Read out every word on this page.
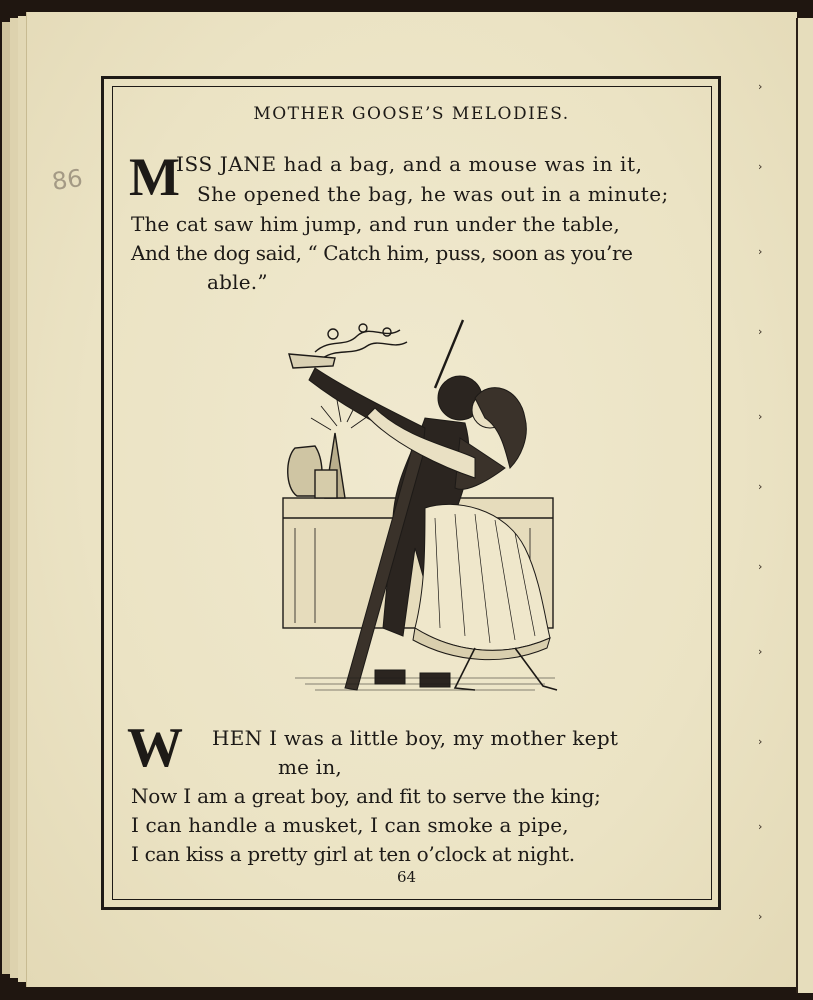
MOTHER GOOSE’S MELODIES.
86 M
ISS JANE had a bag, and a mouse was in it,
She opened the bag, he was out in a minute;
The cat saw him jump, and run under the table,
And the dog said, “ Catch him, puss, soon as you’re
able.”
W HEN I was a little boy, my mother kept
me in,
Now I am a great boy, and fit to serve the king;
I can handle a musket, I can smoke a pipe,
I can kiss a pretty girl at ten o’clock at night.
64
›
›
›
›
›
›
›
›
›
›
›
